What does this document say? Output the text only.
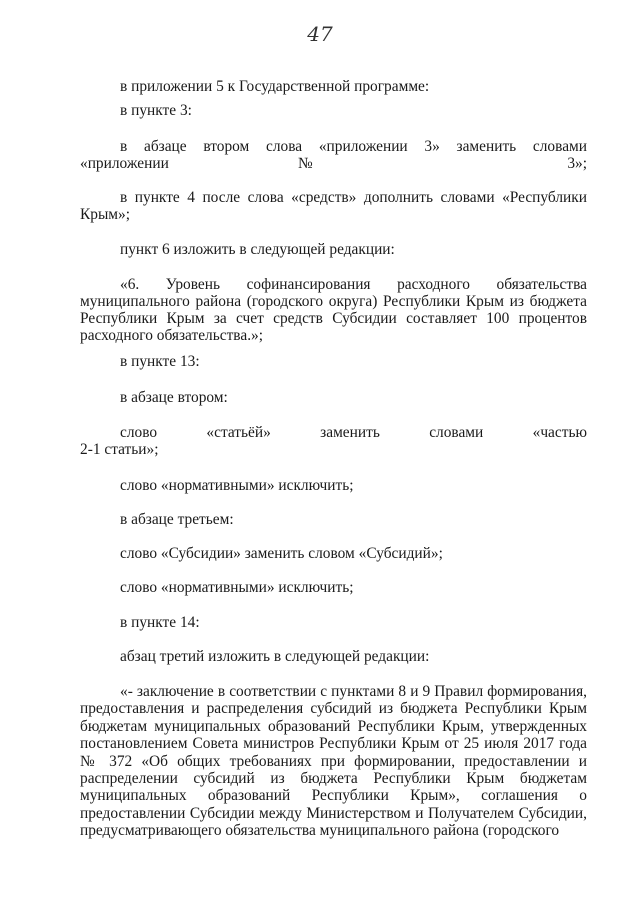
47

в приложении 5 к Государственной программе:

в пункте 3:

в абзаце втором слова «приложении 3» заменить словами «приложении № 3»;

в пункте 4 после слова «средств» дополнить словами «Республики Крым»;

пункт 6 изложить в следующей редакции:

«6. Уровень софинансирования расходного обязательства муниципального района (городского округа) Республики Крым из бюджета Республики Крым за счет средств Субсидии составляет 100 процентов расходного обязательства.»;

в пункте 13:

в абзаце втором:

слово	«статьёй»	заменить	словами	«частью
2-1 статьи»;

слово «нормативными» исключить;

в абзаце третьем:

слово «Субсидии» заменить словом «Субсидий»;

слово «нормативными» исключить;

в пункте 14:

абзац третий изложить в следующей редакции:

«- заключение в соответствии с пунктами 8 и 9 Правил формирования, предоставления и распределения субсидий из бюджета Республики Крым бюджетам муниципальных образований Республики Крым, утвержденных постановлением Совета министров Республики Крым от 25 июля 2017 года № 372 «Об общих требованиях при формировании, предоставлении и распределении субсидий из бюджета Республики Крым бюджетам муниципальных образований Республики Крым», соглашения о предоставлении Субсидии между Министерством и Получателем Субсидии, предусматривающего обязательства муниципального района (городского
